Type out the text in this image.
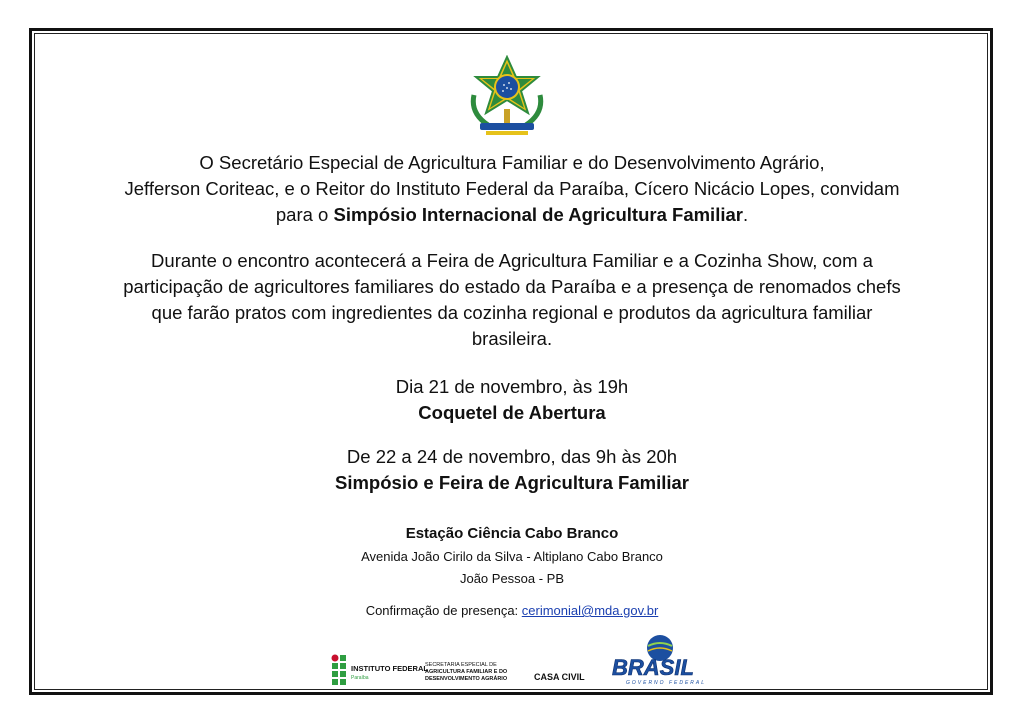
O Secretário Especial de Agricultura Familiar e do Desenvolvimento Agrário,
Jefferson Coriteac, e o Reitor do Instituto Federal da Paraíba, Cícero Nicácio Lopes, convidam
para o Simpósio Internacional de Agricultura Familiar.
Durante o encontro acontecerá a Feira de Agricultura Familiar e a Cozinha Show, com a
participação de agricultores familiares do estado da Paraíba e a presença de renomados chefs
que farão pratos com ingredientes da cozinha regional e produtos da agricultura familiar
brasileira.
Dia 21 de novembro, às 19h
Coquetel de Abertura
De 22 a 24 de novembro, das 9h às 20h
Simpósio e Feira de Agricultura Familiar
Estação Ciência Cabo Branco
Avenida João Cirilo da Silva - Altiplano Cabo Branco
João Pessoa - PB
Confirmação de presença: cerimonial@mda.gov.br
INSTITUTO FEDERAL
Paraíba
SECRETARIA ESPECIAL DE
AGRICULTURA FAMILIAR E DO
DESENVOLVIMENTO AGRÁRIO	CASA CIVIL BRASIL
GOVERNO FEDERAL
